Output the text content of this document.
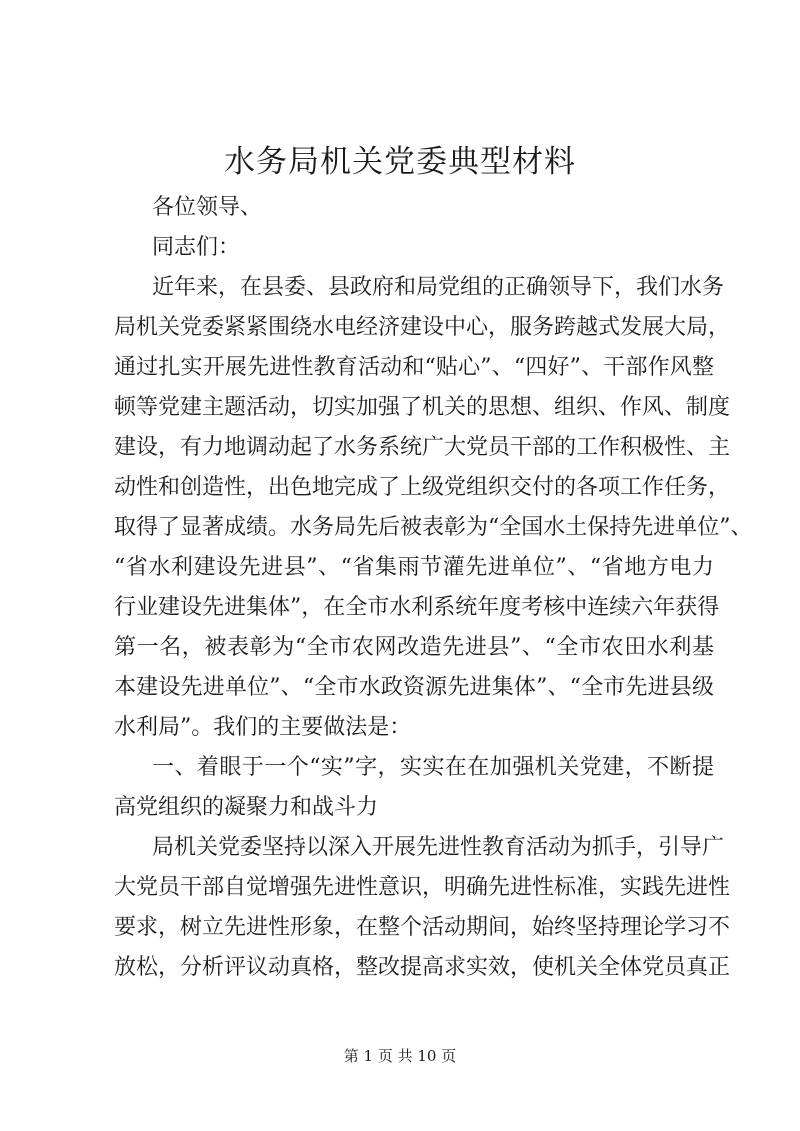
水务局机关党委典型材料
各位领导、
同志们：
近年来，在县委、县政府和局党组的正确领导下，我们水务
局机关党委紧紧围绕水电经济建设中心，服务跨越式发展大局，
通过扎实开展先进性教育活动和“贴心”、“四好”、干部作风整
顿等党建主题活动，切实加强了机关的思想、组织、作风、制度
建设，有力地调动起了水务系统广大党员干部的工作积极性、主
动性和创造性，出色地完成了上级党组织交付的各项工作任务，
取得了显著成绩。水务局先后被表彰为“全国水土保持先进单位”、
“省水利建设先进县”、“省集雨节灌先进单位”、“省地方电力
行业建设先进集体”，在全市水利系统年度考核中连续六年获得
第一名，被表彰为“全市农网改造先进县”、“全市农田水利基
本建设先进单位”、“全市水政资源先进集体”、“全市先进县级
水利局”。我们的主要做法是：
一、着眼于一个“实”字，实实在在加强机关党建，不断提
高党组织的凝聚力和战斗力
局机关党委坚持以深入开展先进性教育活动为抓手，引导广
大党员干部自觉增强先进性意识，明确先进性标准，实践先进性
要求，树立先进性形象，在整个活动期间，始终坚持理论学习不
放松，分析评议动真格，整改提高求实效，使机关全体党员真正
第 1 页 共 10 页
